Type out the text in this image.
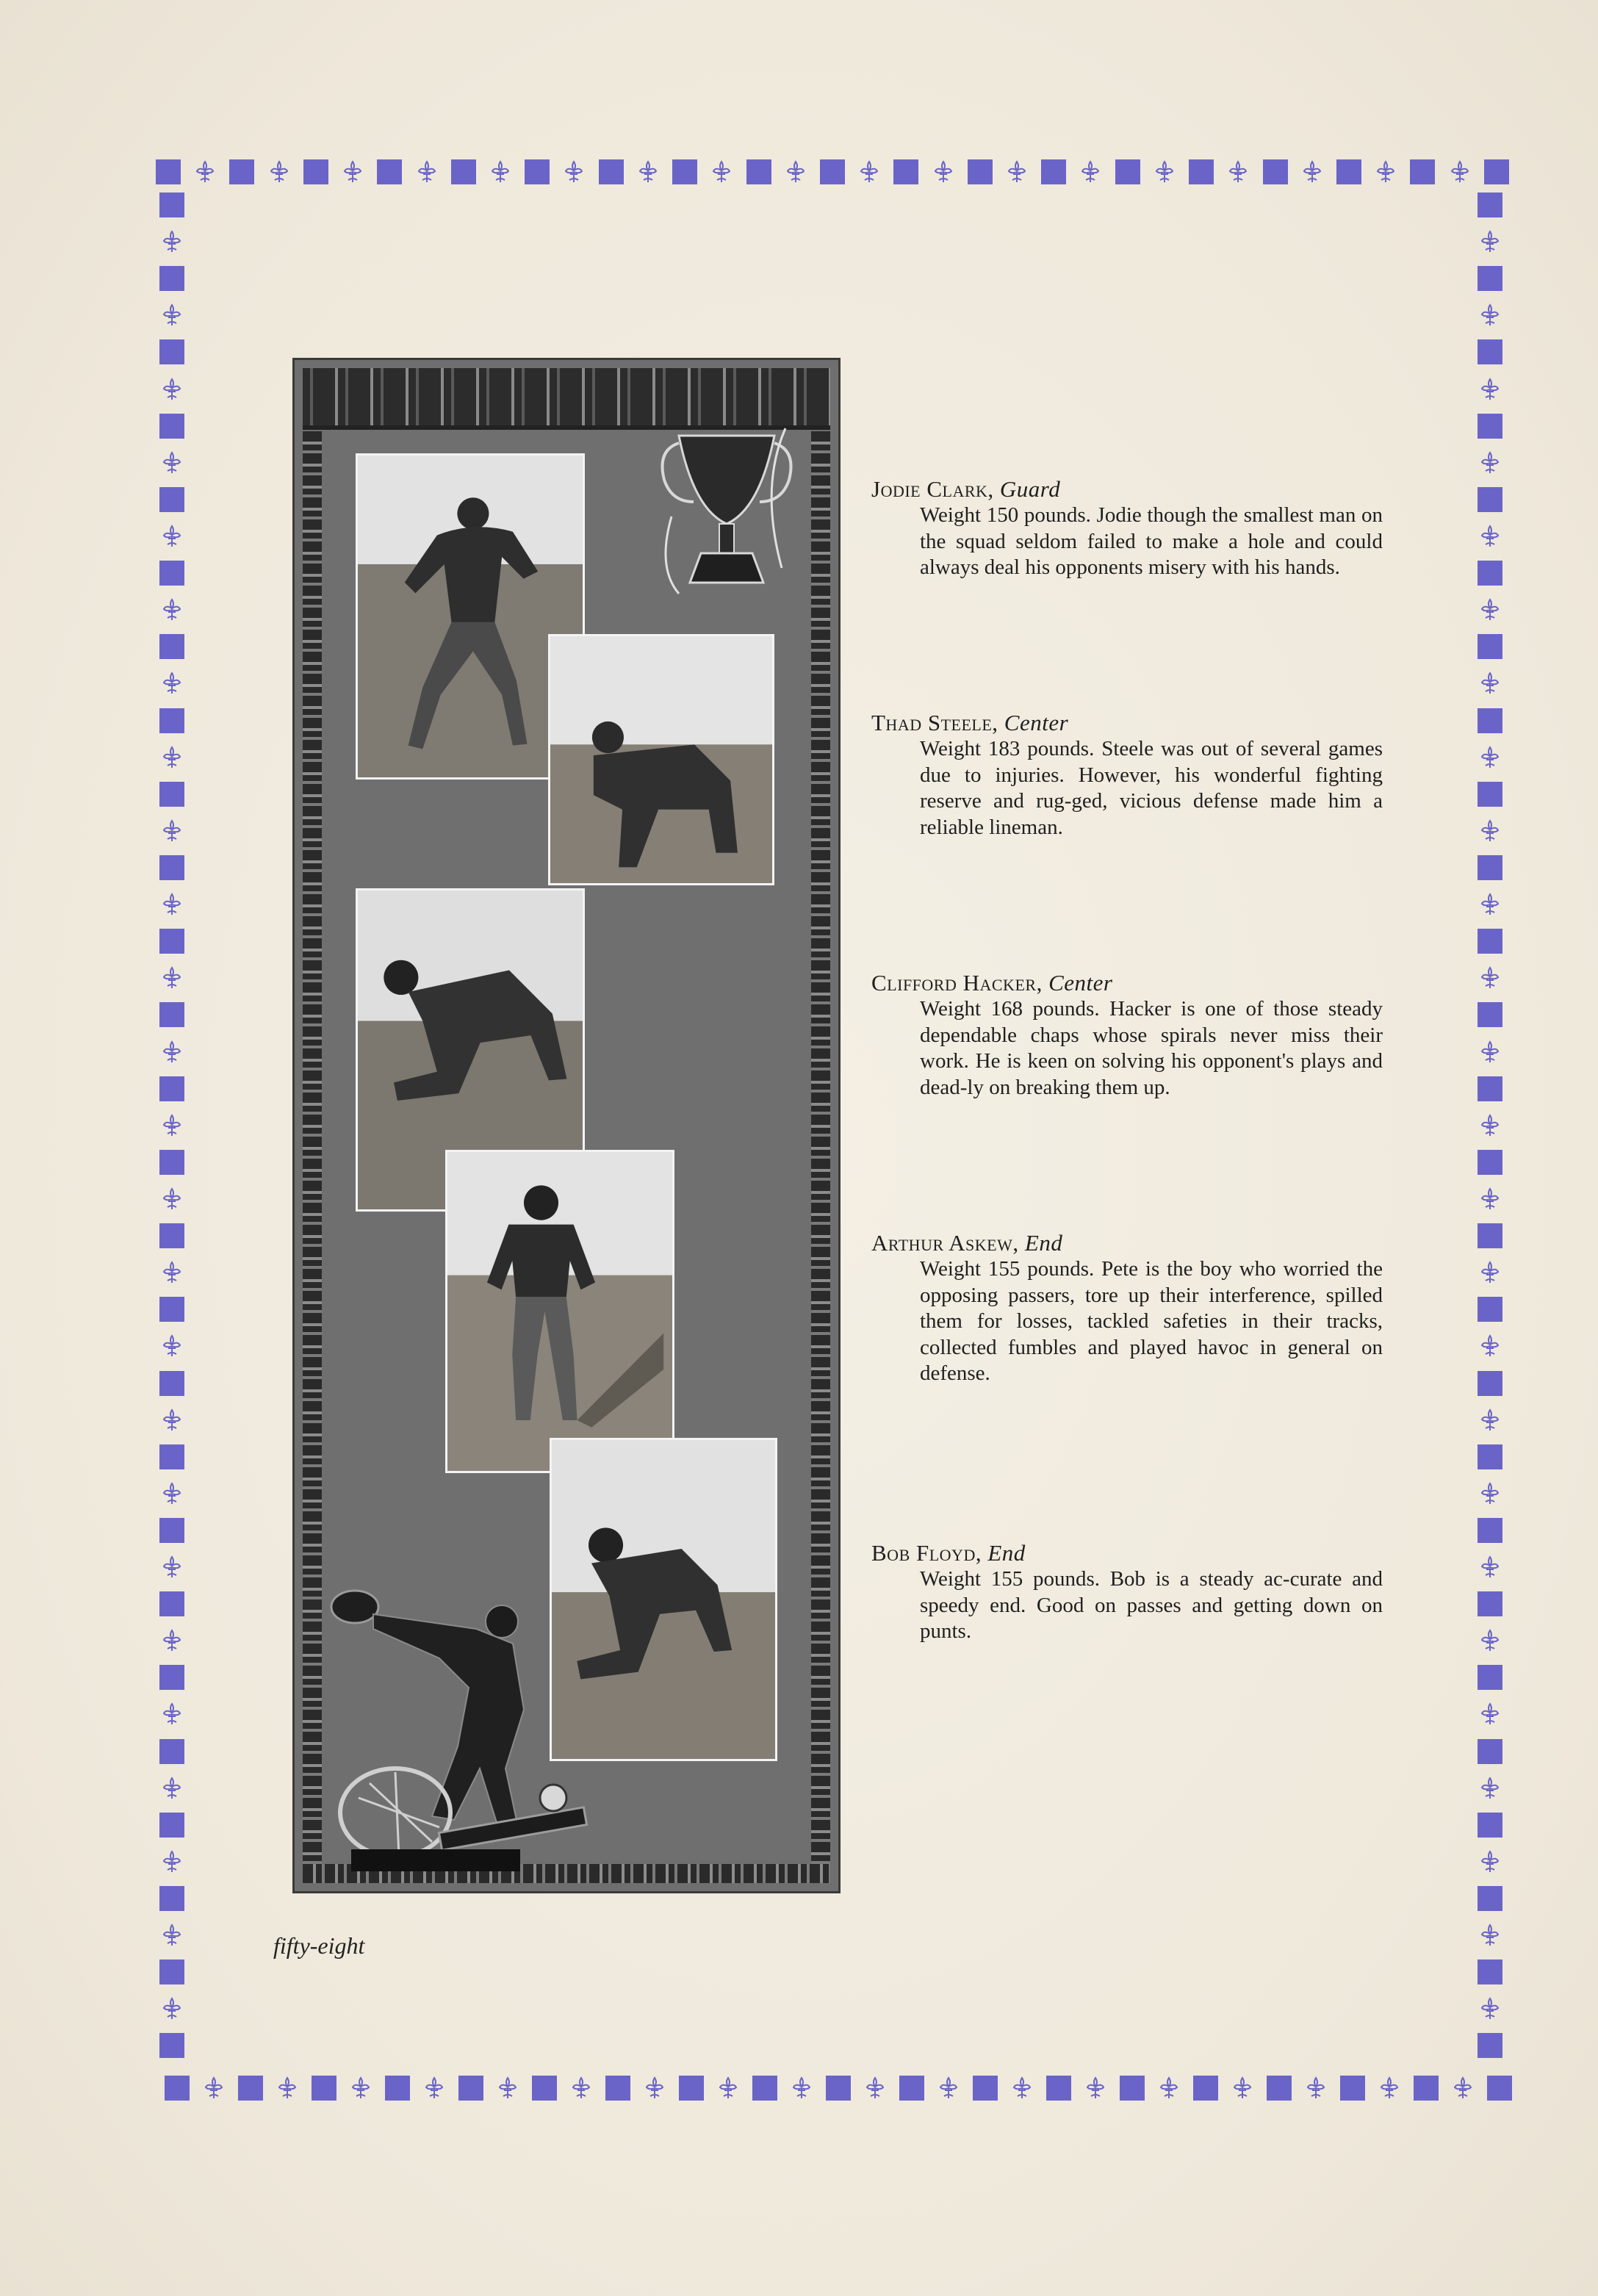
Jodie Clark, Guard
Weight 150 pounds. Jodie though the smallest man on the squad seldom failed to make a hole and could always deal his opponents misery with his hands.
Thad Steele, Center
Weight 183 pounds. Steele was out of several games due to injuries. However, his wonderful fighting reserve and rug-ged, vicious defense made him a reliable lineman.
Clifford Hacker, Center
Weight 168 pounds. Hacker is one of those steady dependable chaps whose spirals never miss their work. He is keen on solving his opponent's plays and dead-ly on breaking them up.
Arthur Askew, End
Weight 155 pounds. Pete is the boy who worried the opposing passers, tore up their interference, spilled them for losses, tackled safeties in their tracks, collected fumbles and played havoc in general on defense.
Bob Floyd, End
Weight 155 pounds. Bob is a steady ac-curate and speedy end. Good on passes and getting down on punts.
fifty-eight
